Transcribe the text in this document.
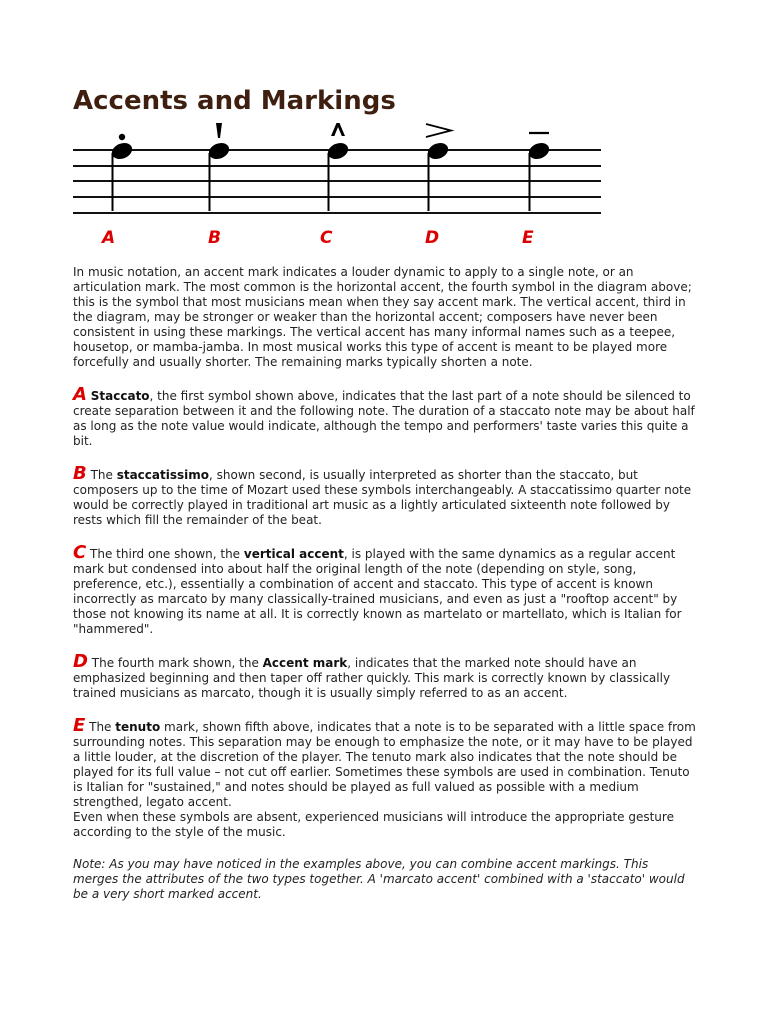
Accents and Markings
A	B	C	D	E

In music notation, an accent mark indicates a louder dynamic to apply to a single note, or an articulation mark. The most common is the horizontal accent, the fourth symbol in the diagram above; this is the symbol that most musicians mean when they say accent mark. The vertical accent, third in the diagram, may be stronger or weaker than the horizontal accent; composers have never been consistent in using these markings. The vertical accent has many informal names such as a teepee, housetop, or mamba-jamba. In most musical works this type of accent is meant to be played more forcefully and usually shorter. The remaining marks typically shorten a note.

A Staccato, the first symbol shown above, indicates that the last part of a note should be silenced to create separation between it and the following note. The duration of a staccato note may be about half as long as the note value would indicate, although the tempo and performers' taste varies this quite a bit.

B The staccatissimo, shown second, is usually interpreted as shorter than the staccato, but composers up to the time of Mozart used these symbols interchangeably. A staccatissimo quarter note would be correctly played in traditional art music as a lightly articulated sixteenth note followed by rests which fill the remainder of the beat.

C The third one shown, the vertical accent, is played with the same dynamics as a regular accent mark but condensed into about half the original length of the note (depending on style, song, preference, etc.), essentially a combination of accent and staccato. This type of accent is known incorrectly as marcato by many classically-trained musicians, and even as just a "rooftop accent" by those not knowing its name at all. It is correctly known as martelato or martellato, which is Italian for "hammered".

D The fourth mark shown, the Accent mark, indicates that the marked note should have an emphasized beginning and then taper off rather quickly. This mark is correctly known by classically trained musicians as marcato, though it is usually simply referred to as an accent.

E The tenuto mark, shown fifth above, indicates that a note is to be separated with a little space from surrounding notes. This separation may be enough to emphasize the note, or it may have to be played a little louder, at the discretion of the player. The tenuto mark also indicates that the note should be played for its full value – not cut off earlier. Sometimes these symbols are used in combination. Tenuto is Italian for "sustained," and notes should be played as full valued as possible with a medium strengthed, legato accent.
Even when these symbols are absent, experienced musicians will introduce the appropriate gesture according to the style of the music.

Note: As you may have noticed in the examples above, you can combine accent markings. This merges the attributes of the two types together. A 'marcato accent' combined with a 'staccato' would be a very short marked accent.
